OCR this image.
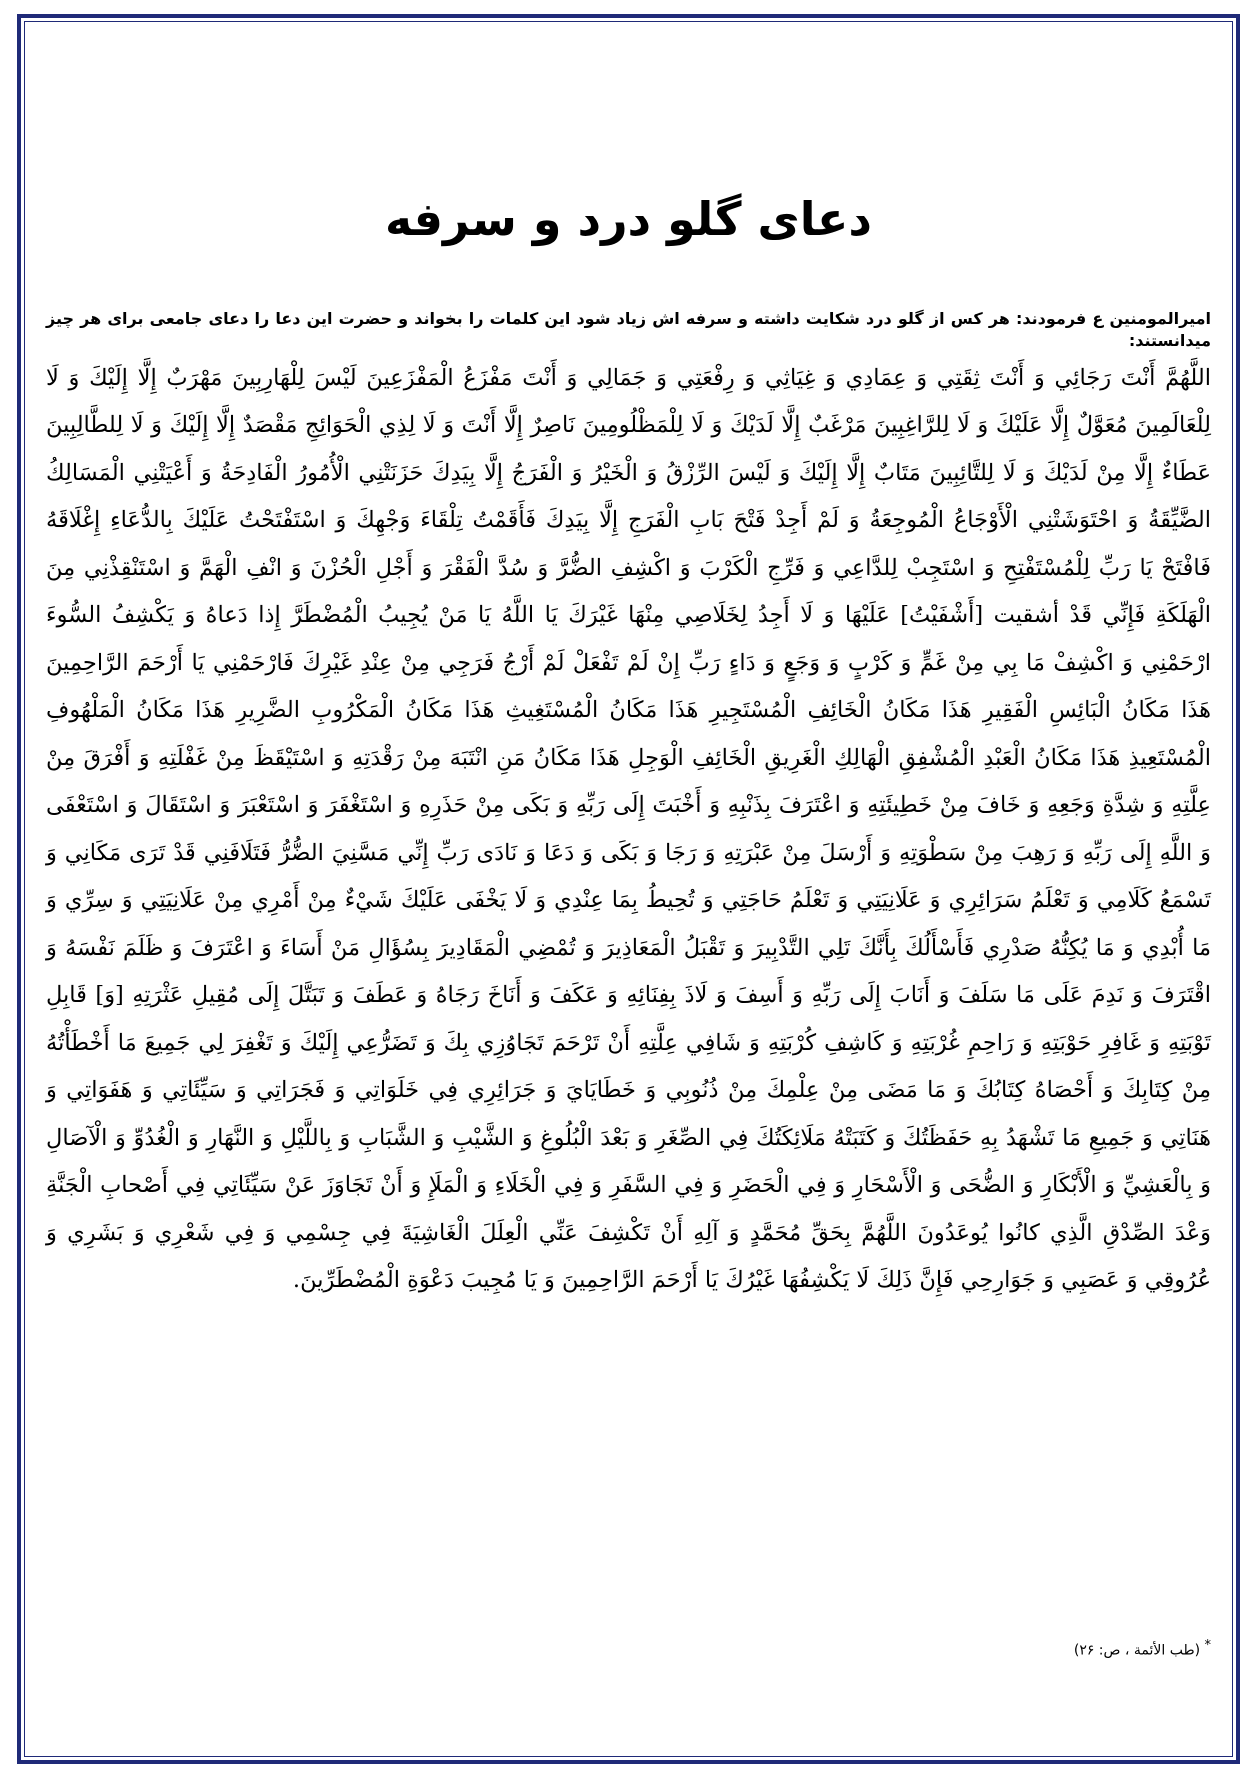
دعای گلو درد و سرفه

امیرالمومنین ع فرمودند: هر کس از گلو درد شکایت داشته و سرفه اش زیاد شود این کلمات را بخواند و حضرت این دعا را دعای جامعی برای هر چیز میدانستند:

اللَّهُمَّ أَنْتَ رَجَائِي وَ أَنْتَ ثِقَتِي وَ عِمَادِي وَ غِيَاثِي وَ رِفْعَتِي وَ جَمَالِي وَ أَنْتَ مَفْزَعُ الْمَفْزَعِينَ لَيْسَ لِلْهَارِبِينَ مَهْرَبٌ إِلَّا إِلَيْكَ وَ لَا لِلْعَالَمِينَ مُعَوَّلٌ إِلَّا عَلَيْكَ وَ لَا لِلرَّاغِبِينَ مَرْغَبٌ إِلَّا لَدَيْكَ وَ لَا لِلْمَظْلُومِينَ نَاصِرٌ إِلَّا أَنْتَ وَ لَا لِذِي الْحَوَائِجِ مَقْصَدٌ إِلَّا إِلَيْكَ وَ لَا لِلطَّالِبِينَ عَطَاءٌ إِلَّا مِنْ لَدَيْكَ وَ لَا لِلتَّائِبِينَ مَتَابٌ إِلَّا إِلَيْكَ وَ لَيْسَ الرِّزْقُ وَ الْخَيْرُ وَ الْفَرَجُ إِلَّا بِيَدِكَ حَزَنَتْنِي الْأُمُورُ الْفَادِحَةُ وَ أَعْيَتْنِي الْمَسَالِكُ الضَّيِّقَةُ وَ احْتَوَشَتْنِي الْأَوْجَاعُ الْمُوجِعَةُ وَ لَمْ أَجِدْ فَتْحَ بَابِ الْفَرَجِ إِلَّا بِيَدِكَ فَأَقَمْتُ تِلْقَاءَ وَجْهِكَ وَ اسْتَفْتَحْتُ عَلَيْكَ بِالدُّعَاءِ إِغْلَاقَهُ فَافْتَحْ يَا رَبِّ لِلْمُسْتَفْتِحِ وَ اسْتَجِبْ لِلدَّاعِي وَ فَرِّجِ الْكَرْبَ وَ اكْشِفِ الضُّرَّ وَ سُدَّ الْفَقْرَ وَ أَجْلِ الْحُزْنَ وَ انْفِ الْهَمَّ وَ اسْتَنْقِذْنِي مِنَ الْهَلَكَةِ فَإِنِّي قَدْ أشقيت [أَشْفَيْتُ] عَلَيْهَا وَ لَا أَجِدُ لِخَلَاصِي مِنْهَا غَيْرَكَ يَا اللَّهُ يَا مَنْ يُجِيبُ الْمُضْطَرَّ إِذا دَعاهُ وَ يَكْشِفُ السُّوءَ ارْحَمْنِي وَ اكْشِفْ مَا بِي مِنْ غَمٍّ وَ كَرْبٍ وَ وَجَعٍ وَ دَاءٍ رَبِّ إِنْ لَمْ تَفْعَلْ لَمْ أَرْجُ فَرَجِي مِنْ عِنْدِ غَيْرِكَ فَارْحَمْنِي يَا أَرْحَمَ الرَّاحِمِينَ هَذَا مَكَانُ الْبَائِسِ الْفَقِيرِ هَذَا مَكَانُ الْخَائِفِ الْمُسْتَجِيرِ هَذَا مَكَانُ الْمُسْتَغِيثِ هَذَا مَكَانُ الْمَكْرُوبِ الضَّرِيرِ هَذَا مَكَانُ الْمَلْهُوفِ الْمُسْتَعِيذِ هَذَا مَكَانُ الْعَبْدِ الْمُشْفِقِ الْهَالِكِ الْغَرِيقِ الْخَائِفِ الْوَجِلِ هَذَا مَكَانُ مَنِ انْتَبَهَ مِنْ رَقْدَتِهِ وَ اسْتَيْقَظَ مِنْ غَفْلَتِهِ وَ أَفْرَقَ مِنْ عِلَّتِهِ وَ شِدَّةِ وَجَعِهِ وَ خَافَ مِنْ خَطِيئَتِهِ وَ اعْتَرَفَ بِذَنْبِهِ وَ أَخْبَتَ إِلَى رَبِّهِ وَ بَكَى مِنْ حَذَرِهِ وَ اسْتَغْفَرَ وَ اسْتَعْبَرَ وَ اسْتَقَالَ وَ اسْتَعْفَى وَ اللَّهِ إِلَى رَبِّهِ وَ رَهِبَ مِنْ سَطْوَتِهِ وَ أَرْسَلَ مِنْ عَبْرَتِهِ وَ رَجَا وَ بَكَى وَ دَعَا وَ نَادَى رَبِّ إِنِّي مَسَّنِيَ الضُّرُّ فَتَلَافَنِي قَدْ تَرَى مَكَانِي وَ تَسْمَعُ كَلَامِي وَ تَعْلَمُ سَرَائِرِي وَ عَلَانِيَتِي وَ تَعْلَمُ حَاجَتِي وَ تُحِيطُ بِمَا عِنْدِي وَ لَا يَخْفَى عَلَيْكَ شَيْءٌ مِنْ أَمْرِي مِنْ عَلَانِيَتِي وَ سِرِّي وَ مَا أُبْدِي وَ مَا يُكِنُّهُ صَدْرِي فَأَسْأَلُكَ بِأَنَّكَ تَلِي التَّدْبِيرَ وَ تَقْبَلُ الْمَعَاذِيرَ وَ تُمْضِي الْمَقَادِيرَ بِسُؤَالِ مَنْ أَسَاءَ وَ اعْتَرَفَ وَ ظَلَمَ نَفْسَهُ وَ اقْتَرَفَ وَ نَدِمَ عَلَى مَا سَلَفَ وَ أَنَابَ إِلَى رَبِّهِ وَ أَسِفَ وَ لَاذَ بِفِنَائِهِ وَ عَكَفَ وَ أَنَاخَ رَجَاهُ وَ عَطَفَ وَ تَبَتَّلَ إِلَى مُقِيلِ عَثْرَتِهِ [وَ] قَابِلِ تَوْبَتِهِ وَ غَافِرِ حَوْبَتِهِ وَ رَاحِمِ غُرْبَتِهِ وَ كَاشِفِ كُرْبَتِهِ وَ شَافِي عِلَّتِهِ أَنْ تَرْحَمَ تَجَاوُزِي بِكَ وَ تَضَرُّعِي إِلَيْكَ وَ تَغْفِرَ لِي جَمِيعَ مَا أَخْطَأْتُهُ مِنْ كِتَابِكَ وَ أَحْصَاهُ كِتَابُكَ وَ مَا مَضَى مِنْ عِلْمِكَ مِنْ ذُنُوبِي وَ خَطَايَايَ وَ جَرَائِرِي فِي خَلَوَاتِي وَ فَجَرَاتِي وَ سَيِّئَاتِي وَ هَفَوَاتِي وَ هَنَاتِي وَ جَمِيعِ مَا تَشْهَدُ بِهِ حَفَظَتُكَ وَ كَتَبَتْهُ مَلَائِكَتُكَ فِي الصِّغَرِ وَ بَعْدَ الْبُلُوغِ وَ الشَّيْبِ وَ الشَّبَابِ وَ بِاللَّيْلِ وَ النَّهَارِ وَ الْغُدُوِّ وَ الْآصَالِ وَ بِالْعَشِيِّ وَ الْأَبْكَارِ وَ الضُّحَى وَ الْأَسْحَارِ وَ فِي الْحَضَرِ وَ فِي السَّفَرِ وَ فِي الْخَلَاءِ وَ الْمَلَإِ وَ أَنْ تَجَاوَزَ عَنْ سَيِّئَاتِي فِي أَصْحابِ الْجَنَّةِ وَعْدَ الصِّدْقِ الَّذِي كانُوا يُوعَدُونَ اللَّهُمَّ بِحَقِّ مُحَمَّدٍ وَ آلِهِ أَنْ تَكْشِفَ عَنِّي الْعِلَلَ الْغَاشِيَةَ فِي جِسْمِي وَ فِي شَعْرِي وَ بَشَرِي وَ عُرُوقِي وَ عَصَبِي وَ جَوَارِحِي فَإِنَّ ذَلِكَ لَا يَكْشِفُهَا غَيْرُكَ يَا أَرْحَمَ الرَّاحِمِينَ وَ يَا مُجِيبَ دَعْوَةِ الْمُضْطَرِّينَ.

* (طب الأئمة ، ص: ۲۶)
